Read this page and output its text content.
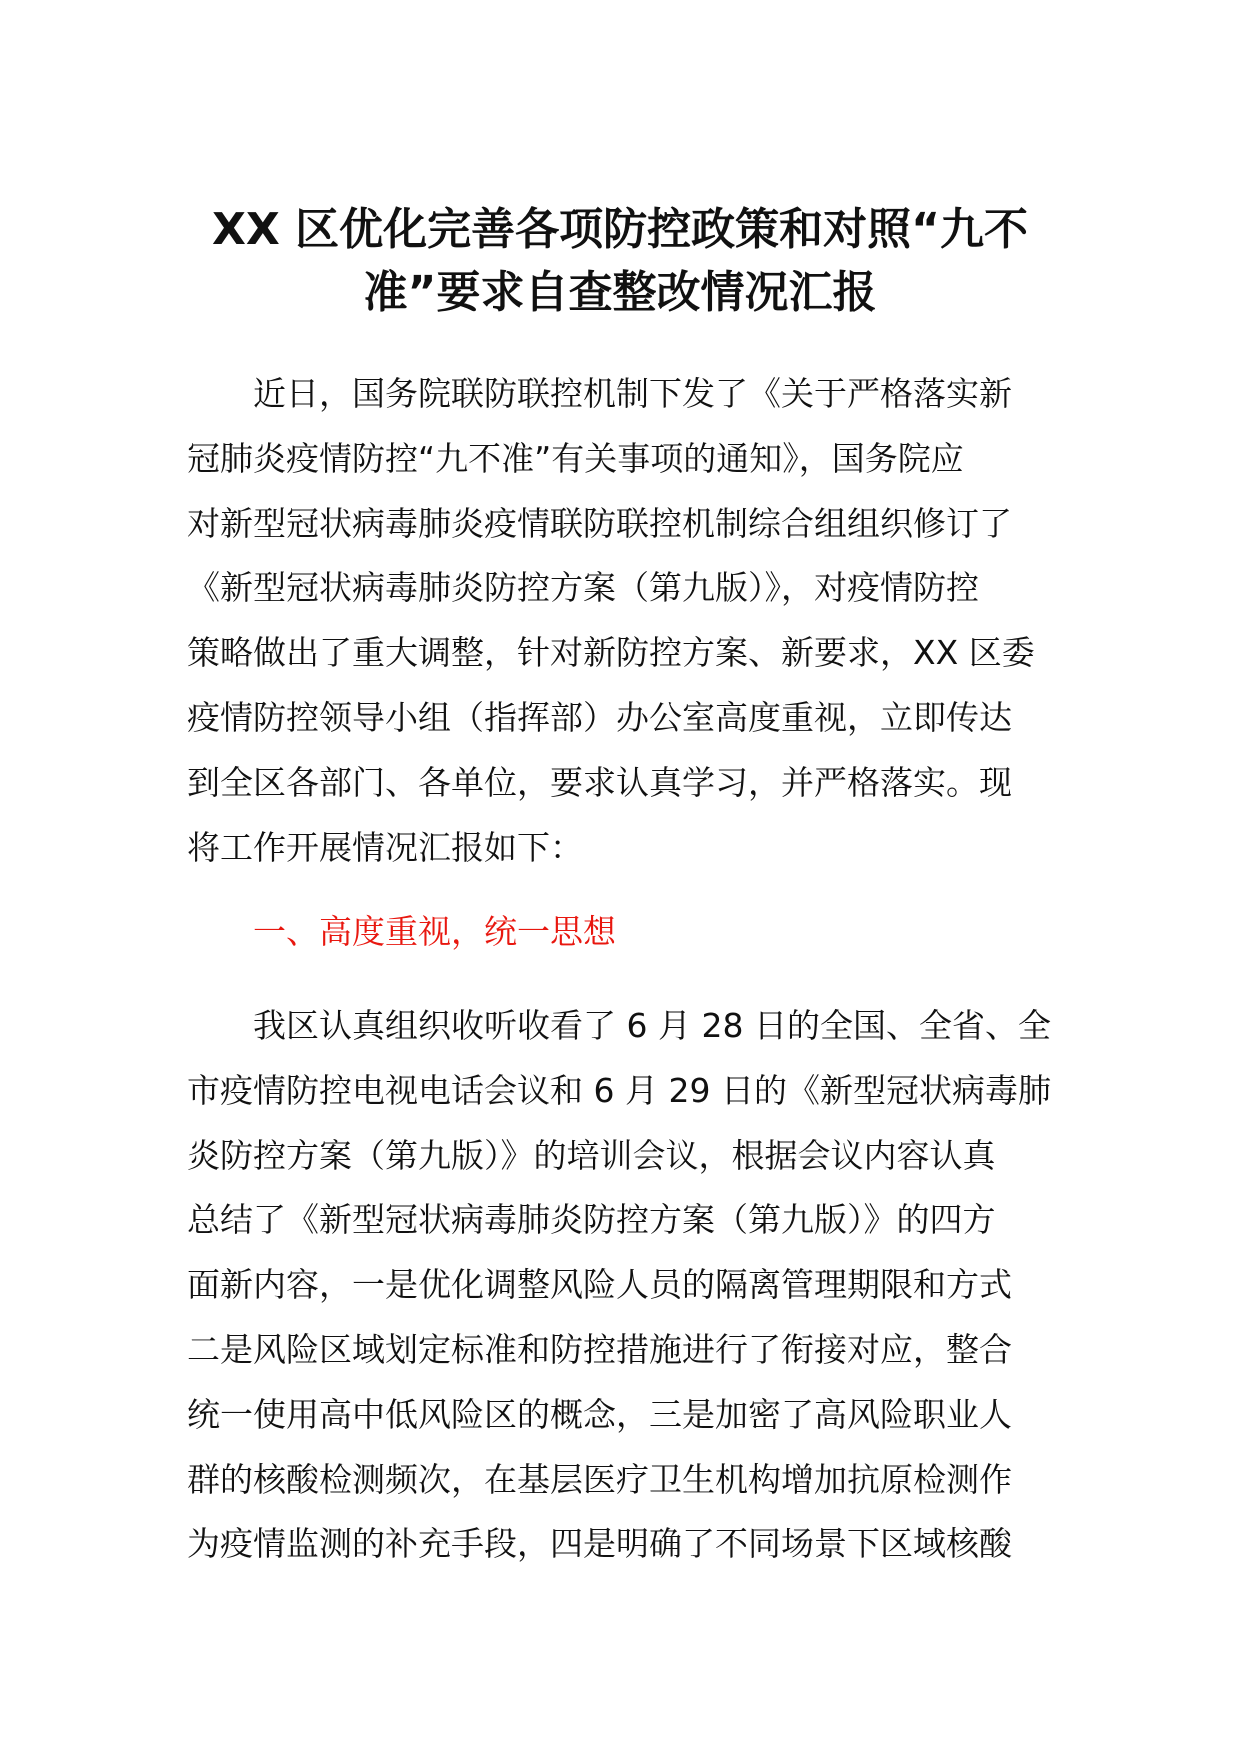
XX 区优化完善各项防控政策和对照“九不
准”要求自查整改情况汇报
近日，国务院联防联控机制下发了《关于严格落实新
冠肺炎疫情防控“九不准”有关事项的通知》，国务院应
对新型冠状病毒肺炎疫情联防联控机制综合组组织修订了
《新型冠状病毒肺炎防控方案（第九版）》，对疫情防控
策略做出了重大调整，针对新防控方案、新要求，XX 区委
疫情防控领导小组（指挥部）办公室高度重视，立即传达
到全区各部门、各单位，要求认真学习，并严格落实。现
将工作开展情况汇报如下：
一、高度重视，统一思想
我区认真组织收听收看了 6 月 28 日的全国、全省、全
市疫情防控电视电话会议和 6 月 29 日的《新型冠状病毒肺
炎防控方案（第九版）》的培训会议，根据会议内容认真
总结了《新型冠状病毒肺炎防控方案（第九版）》的四方
面新内容，一是优化调整风险人员的隔离管理期限和方式
二是风险区域划定标准和防控措施进行了衔接对应，整合
统一使用高中低风险区的概念，三是加密了高风险职业人
群的核酸检测频次，在基层医疗卫生机构增加抗原检测作
为疫情监测的补充手段，四是明确了不同场景下区域核酸
